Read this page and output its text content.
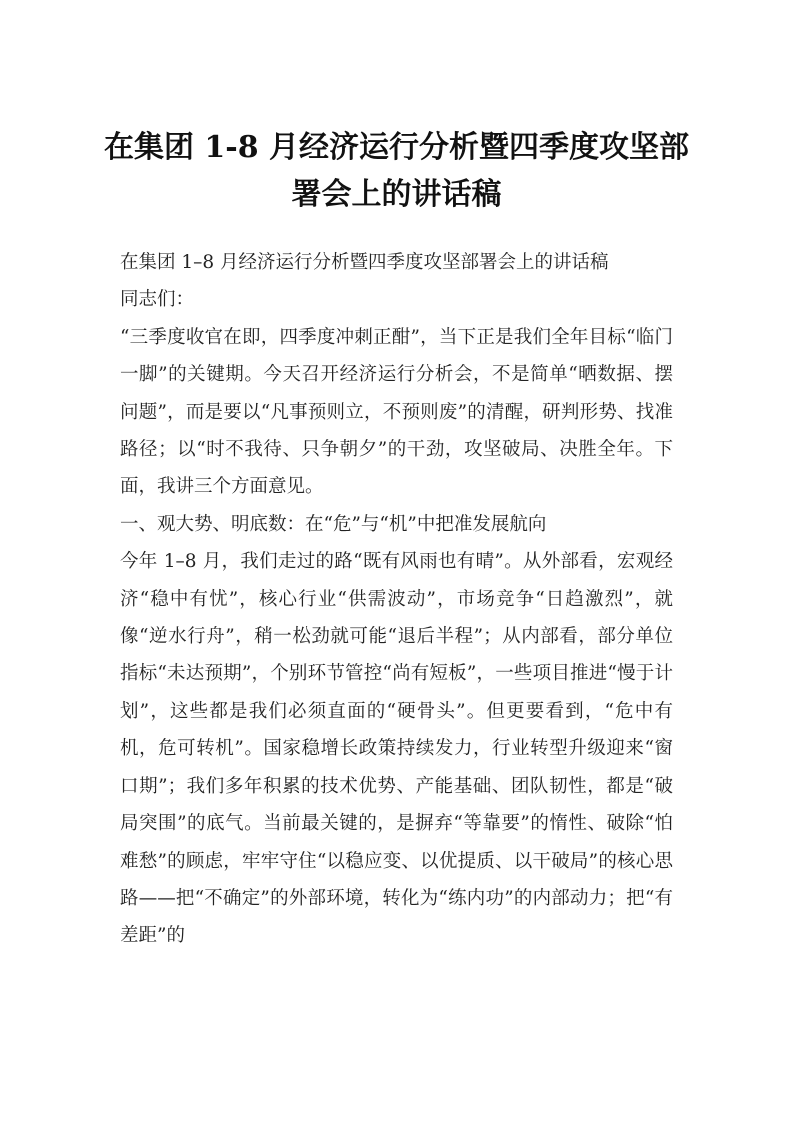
在集团 1-8 月经济运行分析暨四季度攻坚部
署会上的讲话稿

在集团 1–8 月经济运行分析暨四季度攻坚部署会上的讲话稿

同志们：

“三季度收官在即，四季度冲刺正酣”，当下正是我们全年目标“临门一脚”的关键期。今天召开经济运行分析会，不是简单“晒数据、摆问题”，而是要以“凡事预则立，不预则废”的清醒，研判形势、找准路径；以“时不我待、只争朝夕”的干劲，攻坚破局、决胜全年。下面，我讲三个方面意见。

一、观大势、明底数：在“危”与“机”中把准发展航向

今年 1–8 月，我们走过的路“既有风雨也有晴”。从外部看，宏观经济“稳中有忧”，核心行业“供需波动”，市场竞争“日趋激烈”，就像“逆水行舟”，稍一松劲就可能“退后半程”；从内部看，部分单位指标“未达预期”，个别环节管控“尚有短板”，一些项目推进“慢于计划”，这些都是我们必须直面的“硬骨头”。但更要看到，“危中有机，危可转机”。国家稳增长政策持续发力，行业转型升级迎来“窗口期”；我们多年积累的技术优势、产能基础、团队韧性，都是“破局突围”的底气。当前最关键的，是摒弃“等靠要”的惰性、破除“怕难愁”的顾虑，牢牢守住“以稳应变、以优提质、以干破局”的核心思路——把“不确定”的外部环境，转化为“练内功”的内部动力；把“有差距”的
